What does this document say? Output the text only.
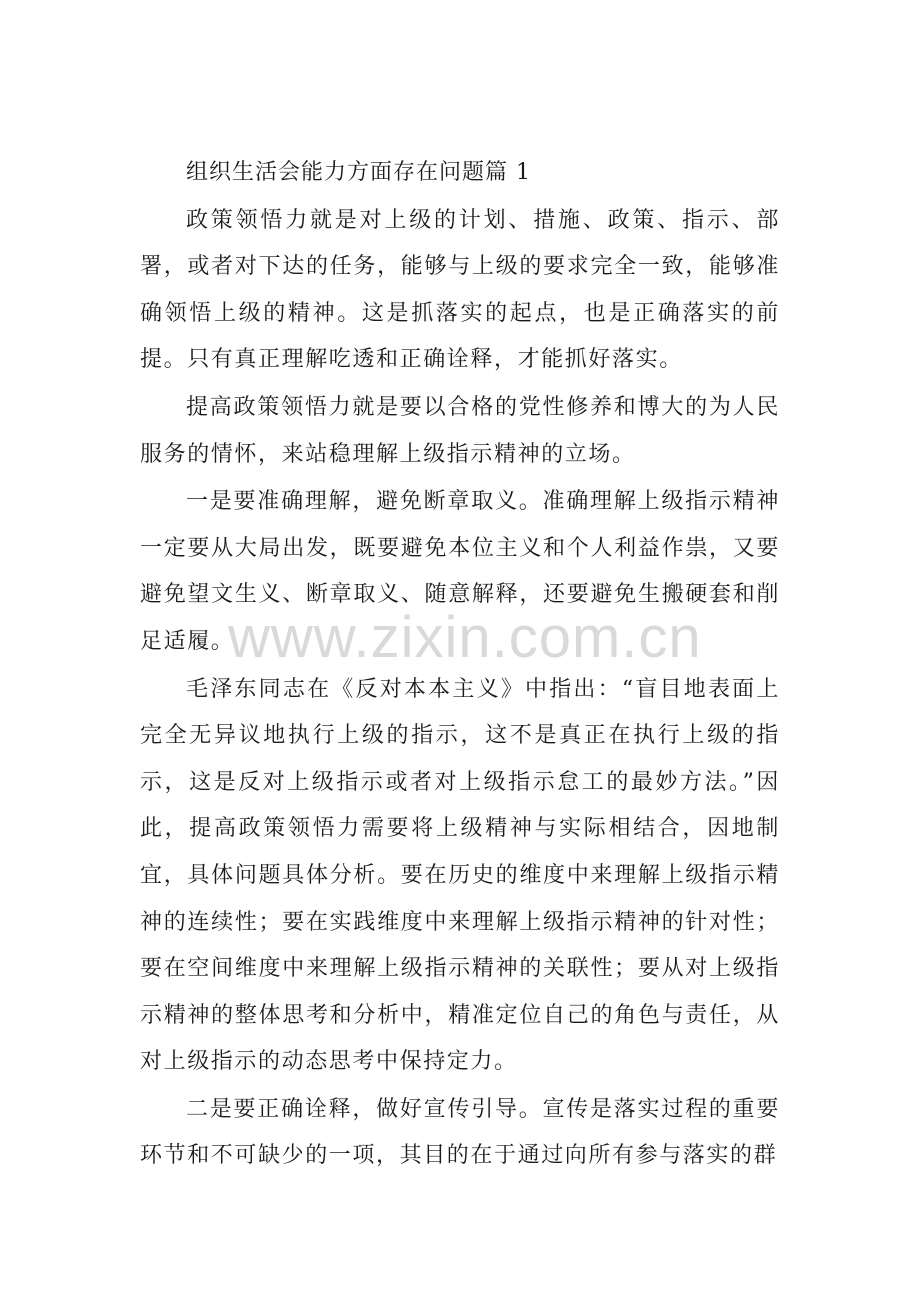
组织生活会能力方面存在问题篇 1

政策领悟力就是对上级的计划、措施、政策、指示、部署，或者对下达的任务，能够与上级的要求完全一致，能够准确领悟上级的精神。这是抓落实的起点，也是正确落实的前提。只有真正理解吃透和正确诠释，才能抓好落实。

提高政策领悟力就是要以合格的党性修养和博大的为人民服务的情怀，来站稳理解上级指示精神的立场。

一是要准确理解，避免断章取义。准确理解上级指示精神一定要从大局出发，既要避免本位主义和个人利益作祟，又要避免望文生义、断章取义、随意解释，还要避免生搬硬套和削足适履。

毛泽东同志在《反对本本主义》中指出：“盲目地表面上完全无异议地执行上级的指示，这不是真正在执行上级的指示，这是反对上级指示或者对上级指示怠工的最妙方法。”因此，提高政策领悟力需要将上级精神与实际相结合，因地制宜，具体问题具体分析。要在历史的维度中来理解上级指示精神的连续性；要在实践维度中来理解上级指示精神的针对性；要在空间维度中来理解上级指示精神的关联性；要从对上级指示精神的整体思考和分析中，精准定位自己的角色与责任，从对上级指示的动态思考中保持定力。

二是要正确诠释，做好宣传引导。宣传是落实过程的重要环节和不可缺少的一项，其目的在于通过向所有参与落实的群

www.zixin.com.cn
